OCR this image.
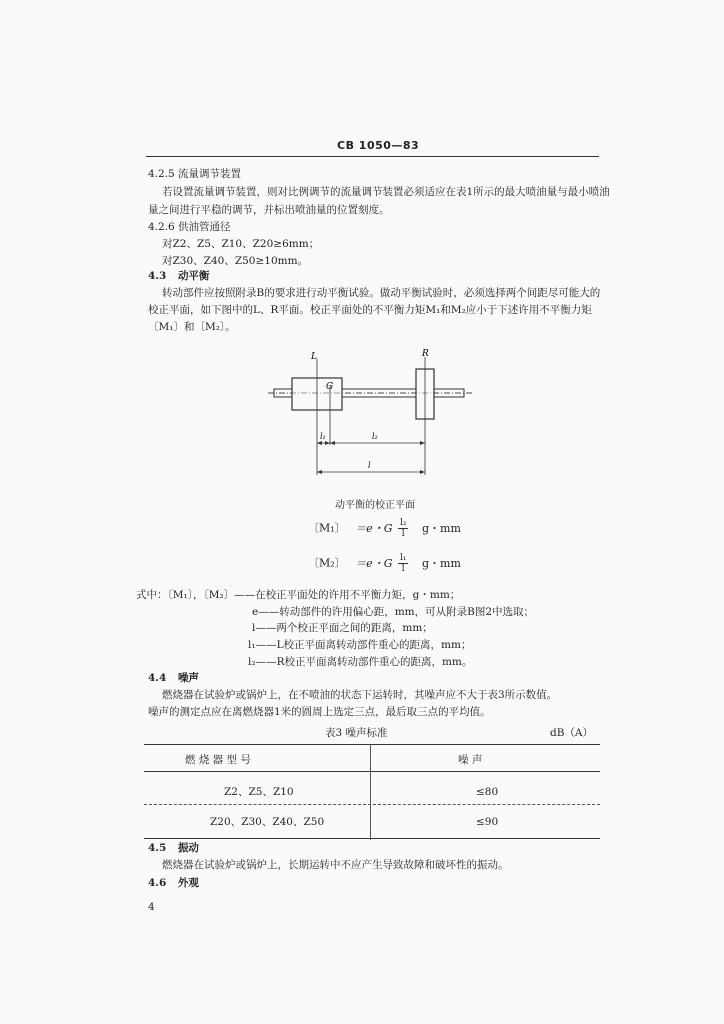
CB 1050—83
4.2.5 流量调节装置
若设置流量调节装置，则对比例调节的流量调节装置必须适应在表1所示的最大喷油量与最小喷油
量之间进行平稳的调节，并标出喷油量的位置刻度。
4.2.6 供油管通径
对Z2、Z5、Z10、Z20≥6mm；
对Z30、Z40、Z50≥10mm。
4.3 动平衡
转动部件应按照附录B的要求进行动平衡试验。做动平衡试验时，必须选择两个间距尽可能大的
校正平面，如下图中的L、R平面。校正平面处的不平衡力矩M₁和M₂应小于下述许用不平衡力矩
〔M₁〕和〔M₂〕。
L	R
G
l₁	l₂
l
动平衡的校正平面
〔M₁〕 ＝e・G $\frac{\text{l₂}}{l}$ g・mm
〔M₂〕 ＝e・G $\frac{\text{l₁}}{l}$ g・mm
式中：〔M₁〕，〔M₂〕——在校正平面处的许用不平衡力矩，g・mm；
e——转动部件的许用偏心距，mm，可从附录B图2中选取；
l——两个校正平面之间的距离，mm；
l₁——L校正平面离转动部件重心的距离，mm；
l₂——R校正平面离转动部件重心的距离，mm。
4.4 噪声
燃烧器在试验炉或锅炉上，在不喷油的状态下运转时，其噪声应不大于表3所示数值。
噪声的测定点应在离燃烧器1米的圆周上选定三点，最后取三点的平均值。
表3 噪声标准	dB（A）
燃 烧 器 型 号	噪 声
Z2、Z5、Z10	≤80
Z20、Z30、Z40、Z50	≤90
4.5 振动
燃烧器在试验炉或锅炉上，长期运转中不应产生导致故障和破坏性的振动。
4.6 外观
4
